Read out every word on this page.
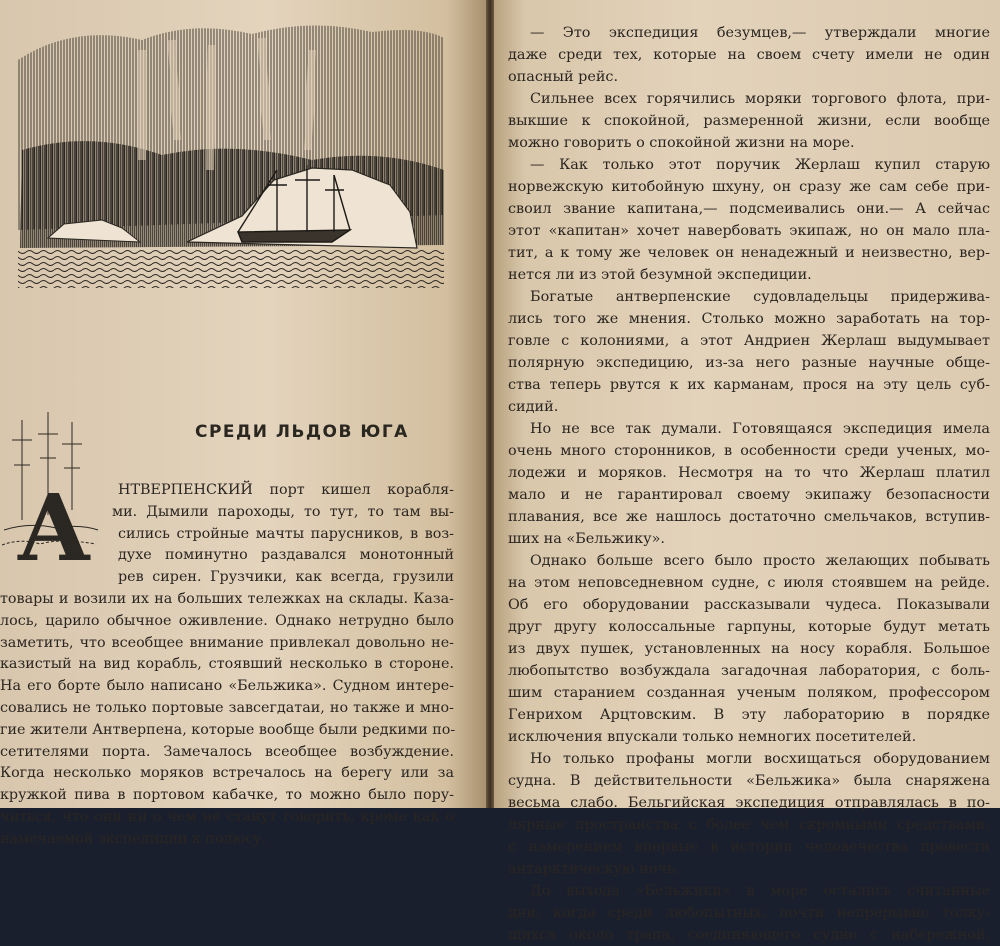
А
СРЕДИ ЛЬДОВ ЮГА
НТВЕРПЕНСКИЙ порт кишел корабля-
ми. Дымили пароходы, то тут, то там вы-
сились стройные мачты парусников, в воз-
духе поминутно раздавался монотонный
рев сирен. Грузчики, как всегда, грузили
товары и возили их на больших тележках на склады. Каза-
лось, царило обычное оживление. Однако нетрудно было
заметить, что всеобщее внимание привлекал довольно не-
казистый на вид корабль, стоявший несколько в стороне.
На его борте было написано «Бельжика». Судном интере-
совались не только портовые завсегдатаи, но также и мно-
гие жители Антверпена, которые вообще были редкими по-
сетителями порта. Замечалось всеобщее возбуждение.
Когда несколько моряков встречалось на берегу или за
кружкой пива в портовом кабачке, то можно было пору-
читься, что они ни о чем не станут говорить, кроме как о
намечаемой экспедиции к полюсу.
— Это экспедиция безумцев,— утверждали многие
даже среди тех, которые на своем счету имели не один
опасный рейс.
Сильнее всех горячились моряки торгового флота, при-
выкшие к спокойной, размеренной жизни, если вообще
можно говорить о спокойной жизни на море.
— Как только этот поручик Жерлаш купил старую
норвежскую китобойную шхуну, он сразу же сам себе при-
своил звание капитана,— подсмеивались они.— А сейчас
этот «капитан» хочет навербовать экипаж, но он мало пла-
тит, а к тому же человек он ненадежный и неизвестно, вер-
нется ли из этой безумной экспедиции.
Богатые антверпенские судовладельцы придерживa-
лись того же мнения. Столько можно заработать на тор-
говле с колониями, а этот Андриен Жерлаш выдумывает
полярную экспедицию, из-за него разные научные обще-
ства теперь рвутся к их карманам, прося на эту цель суб-
сидий.
Но не все так думали. Готовящаяся экспедиция имела
очень много сторонников, в особенности среди ученых, мо-
лодежи и моряков. Несмотря на то что Жерлаш платил
мало и не гарантировал своему экипажу безопасности
плавания, все же нашлось достаточно смельчаков, вступив-
ших на «Бельжику».
Однако больше всего было просто желающих побывать
на этом неповседневном судне, с июля стоявшем на рейде.
Об его оборудовании рассказывали чудеса. Показывали
друг другу колоссальные гарпуны, которые будут метать
из двух пушек, установленных на носу корабля. Большое
любопытство возбуждала загадочная лаборатория, с боль-
шим старанием созданная ученым поляком, профессором
Генрихом Арцтовским. В эту лабораторию в порядке
исключения впускали только немногих посетителей.
Но только профаны могли восхищаться оборудованием
судна. В действительности «Бельжика» была снаряжена
весьма слабо. Бельгийская экспедиция отправлялась в по-
лярные пространства с более чем скромными средствами,
с намерением впервые в истории человечества провести
антарктическую ночь.
До выхода «Бельжики» в море остались считанные
дни, когда среди любопытных, почти непрерывно толку-
щихся около трапа, соединяющего судно с набережной,
